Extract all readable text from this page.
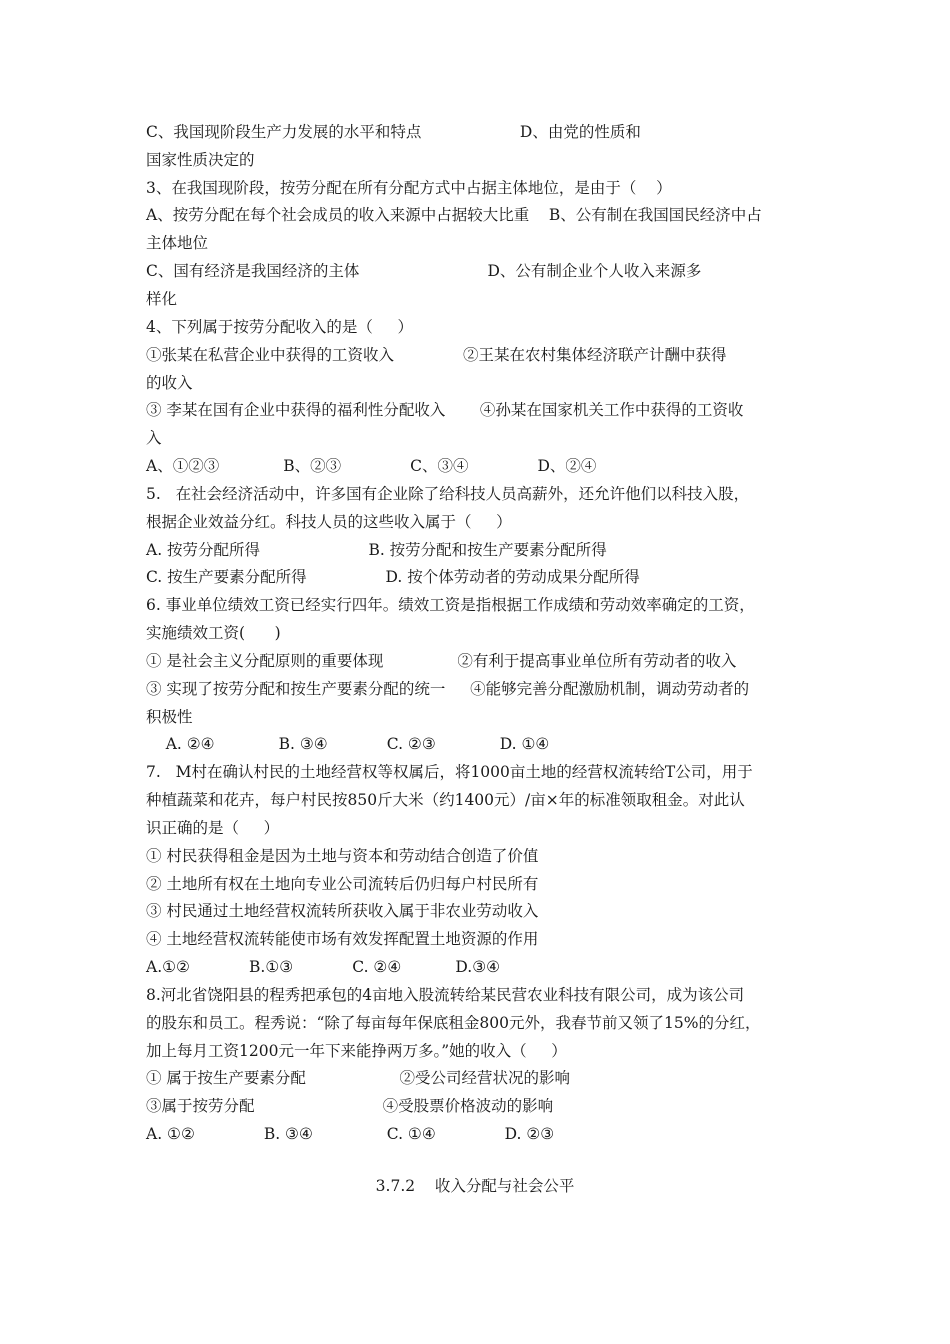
C、我国现阶段生产力发展的水平和特点                    D、由党的性质和
国家性质决定的
3、在我国现阶段，按劳分配在所有分配方式中占据主体地位，是由于（    ）
A、按劳分配在每个社会成员的收入来源中占据较大比重    B、公有制在我国国民经济中占
主体地位
C、国有经济是我国经济的主体                          D、公有制企业个人收入来源多
样化
4、下列属于按劳分配收入的是（     ）
①张某在私营企业中获得的工资收入              ②王某在农村集体经济联产计酬中获得
的收入
③ 李某在国有企业中获得的福利性分配收入       ④孙某在国家机关工作中获得的工资收
入
A、①②③             B、②③              C、③④              D、②④
5.   在社会经济活动中，许多国有企业除了给科技人员高薪外，还允许他们以科技入股，
根据企业效益分红。科技人员的这些收入属于（     ）
A. 按劳分配所得                      B. 按劳分配和按生产要素分配所得
C. 按生产要素分配所得                D. 按个体劳动者的劳动成果分配所得
6. 事业单位绩效工资已经实行四年。绩效工资是指根据工作成绩和劳动效率确定的工资，
实施绩效工资(      )
① 是社会主义分配原则的重要体现               ②有利于提高事业单位所有劳动者的收入
③ 实现了按劳分配和按生产要素分配的统一     ④能够完善分配激励机制，调动劳动者的
积极性
A. ②④             B. ③④            C. ②③             D. ①④
7.   M村在确认村民的土地经营权等权属后，将1000亩土地的经营权流转给T公司，用于
种植蔬菜和花卉，每户村民按850斤大米（约1400元）/亩×年的标准领取租金。对此认
识正确的是（     ）
① 村民获得租金是因为土地与资本和劳动结合创造了价值
② 土地所有权在土地向专业公司流转后仍归每户村民所有
③ 村民通过土地经营权流转所获收入属于非农业劳动收入
④ 土地经营权流转能使市场有效发挥配置土地资源的作用
A.①②            B.①③            C. ②④           D.③④
8.河北省饶阳县的程秀把承包的4亩地入股流转给某民营农业科技有限公司，成为该公司
的股东和员工。程秀说：“除了每亩每年保底租金800元外，我春节前又领了15%的分红，
加上每月工资1200元一年下来能挣两万多。”她的收入（     ）
① 属于按生产要素分配                   ②受公司经营状况的影响
③属于按劳分配                          ④受股票价格波动的影响
A. ①②              B. ③④               C. ①④              D. ②③
3.7.2    收入分配与社会公平
